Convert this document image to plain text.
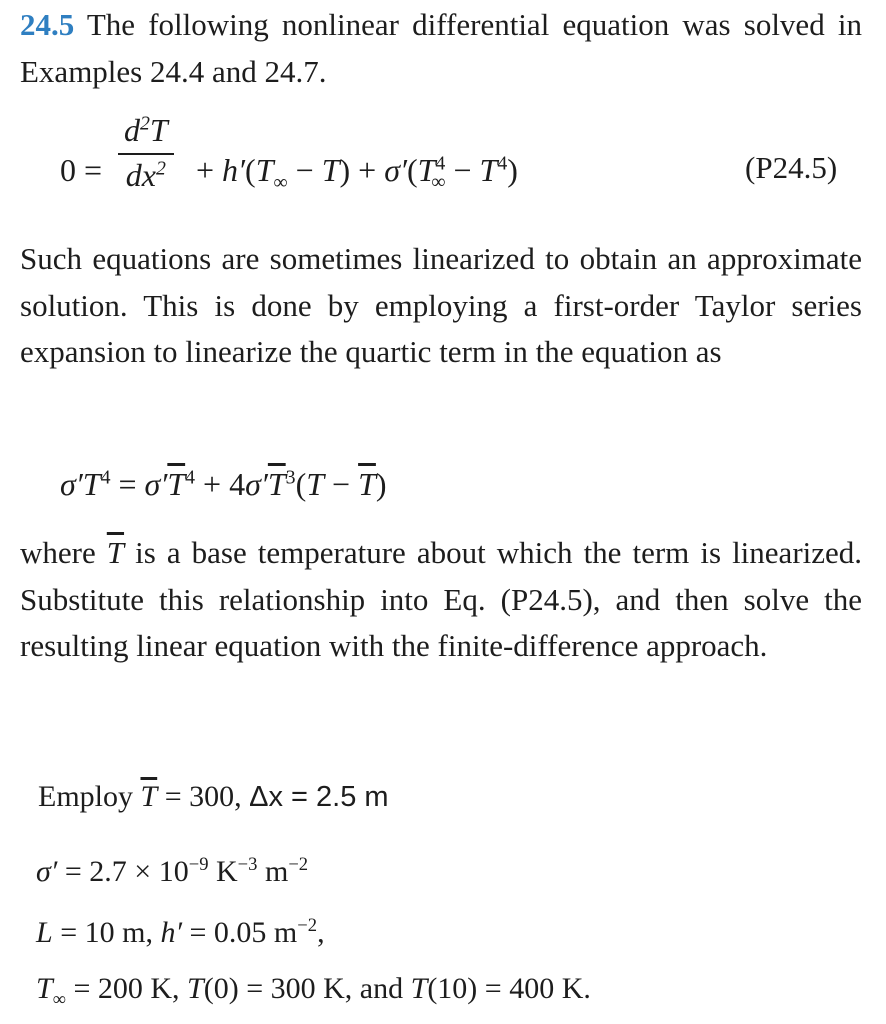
24.5 The following nonlinear differential equation was solved in Examples 24.4 and 24.7.

$0 = \frac{d^2T}{dx^2} + h'(T_\infty - T) + \sigma'(T^4_\infty - T^4)$	(P24.5)

Such equations are sometimes linearized to obtain an approximate solution. This is done by employing a first-order Taylor series expansion to linearize the quartic term in the equation as

$\sigma'T^4 = \sigma'\overline{T}^4 + 4\sigma'\overline{T}^3(T - \overline{T})$

where $\overline{T}$ is a base temperature about which the term is linearized. Substitute this relationship into Eq. (P24.5), and then solve the resulting linear equation with the finite-difference approach.

Employ $\overline{T} = 300$, Δx = 2.5 m
$\sigma' = 2.7 \times 10^{-9}$ $K^{-3}$ $m^{-2}$
L = 10 m, h′ = 0.05 $m^{-2}$,
$T_\infty = 200$ K, T(0) = 300 K, and T(10) = 400 K.
